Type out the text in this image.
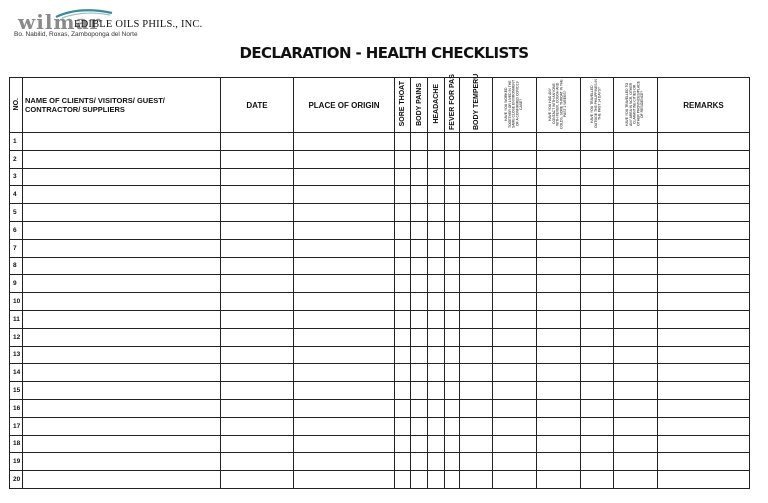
wilmar
EDIBLE OILS PHILS., INC.
Bo. Nabilid, Roxas, Zamboponga del Norte
DECLARATION - HEALTH CHECKLISTS
NO.	NAME OF CLIENTS/ VISITORS/ GUEST/ CONTRACTOR/ SUPPLIERS	DATE	PLACE OF ORIGIN	SORE THOAT	BODY PAINS	HEADACHE	FEVER FOR PAS	BODY TEMPERU	HAVE YOU WORKED TOGETHER OR LIVED IN THE SAME CLOSE ENVIRONMENT OF A CONFIRMED COVID19 CASE?	HAVE YOU HAD ANY CONTACT WITH ANYONE WITH FEVER, COUGH AND COLDS, SORE THROAT IN THE PAST 2 WEEKS?	HAVE YOU TRAVELLED OUTSIDE THE PHILIPPINES IN THE PAST 14 DAYS?	HAVE YOU TRAVELLED TO ANY AREA IN NCR, OTHER CLARANTINE CITIES OR OTHER PROVINCES/PLACE OF RESIDENCE?	REMARKS
1													
2													
3													
4													
5													
6													
7													
8													
9													
10													
11													
12													
13													
14													
15													
16													
17													
18													
19													
20													
